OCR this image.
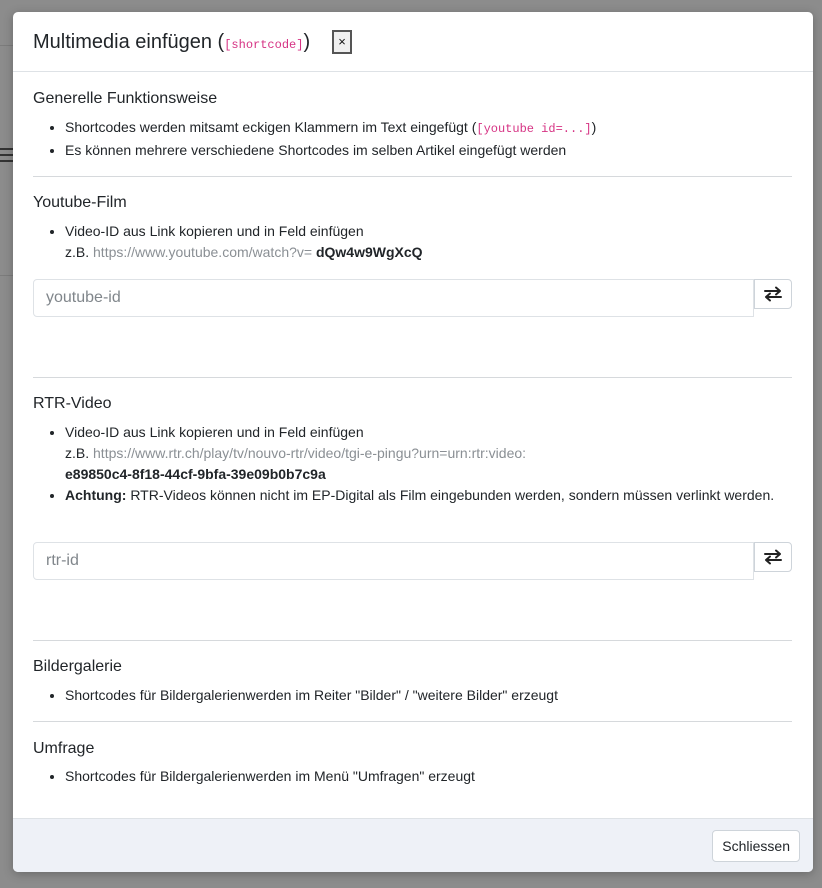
Multimedia einfügen ([shortcode])	×
Generelle Funktionsweise
• Shortcodes werden mitsamt eckigen Klammern im Text eingefügt ([youtube id=...])
• Es können mehrere verschiedene Shortcodes im selben Artikel eingefügt werden
Youtube-Film
• Video-ID aus Link kopieren und in Feld einfügen
z.B. https://www.youtube.com/watch?v= dQw4w9WgXcQ
youtube-id
RTR-Video
• Video-ID aus Link kopieren und in Feld einfügen
z.B. https://www.rtr.ch/play/tv/nouvo-rtr/video/tgi-e-pingu?urn=urn:rtr:video:
e89850c4-8f18-44cf-9bfa-39e09b0b7c9a
• Achtung: RTR-Videos können nicht im EP-Digital als Film eingebunden werden, sondern müssen verlinkt werden.
rtr-id
Bildergalerie
• Shortcodes für Bildergalerienwerden im Reiter "Bilder" / "weitere Bilder" erzeugt
Umfrage
• Shortcodes für Bildergalerienwerden im Menü "Umfragen" erzeugt
Schliessen
